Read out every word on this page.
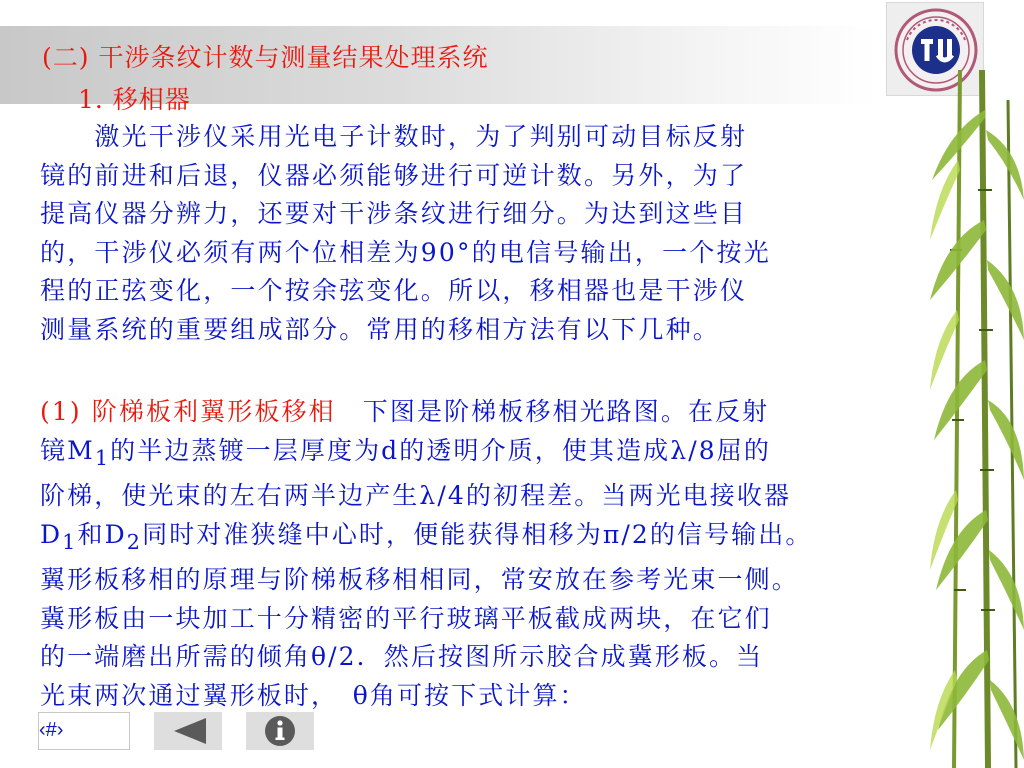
(二) 干涉条纹计数与测量结果处理系统
1. 移相器
　　激光干涉仪采用光电子计数时，为了判别可动目标反射
镜的前进和后退，仪器必须能够进行可逆计数。另外，为了
提高仪器分辨力，还要对干涉条纹进行细分。为达到这些目
的，干涉仪必须有两个位相差为90°的电信号输出，一个按光
程的正弦变化，一个按余弦变化。所以，移相器也是干涉仪
测量系统的重要组成部分。常用的移相方法有以下几种。
(1) 阶梯板利翼形板移相　下图是阶梯板移相光路图。在反射
镜$M_1$的半边蒸镀一层厚度为d的透明介质，使其造成λ/8屈的
阶梯，使光束的左右两半边产生λ/4的初程差。当两光电接收器
$D_1$和$D_2$同时对准狭缝中心时，便能获得相移为π/2的信号输出。
翼形板移相的原理与阶梯板移相相同，常安放在参考光束一侧。
冀形板由一块加工十分精密的平行玻璃平板截成两块，在它们
的一端磨出所需的倾角θ/2．然后按图所示胶合成冀形板。当
光束两次通过翼形板时，　θ角可按下式计算：
‹#›
